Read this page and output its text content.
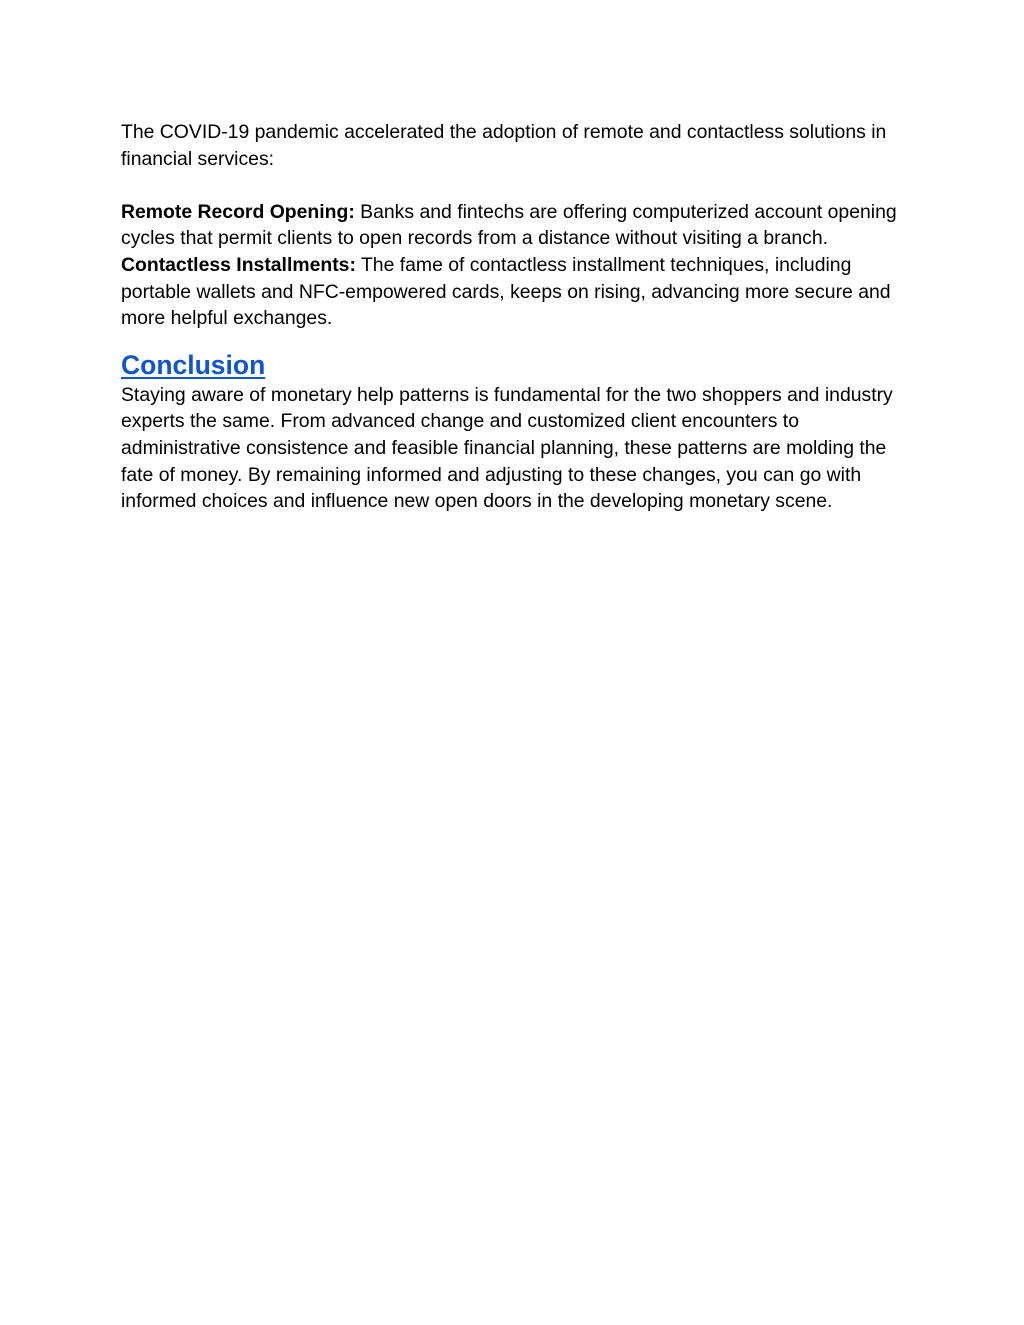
The COVID-19 pandemic accelerated the adoption of remote and contactless solutions in financial services:

Remote Record Opening: Banks and fintechs are offering computerized account opening cycles that permit clients to open records from a distance without visiting a branch.

Contactless Installments: The fame of contactless installment techniques, including portable wallets and NFC-empowered cards, keeps on rising, advancing more secure and more helpful exchanges.

Conclusion

Staying aware of monetary help patterns is fundamental for the two shoppers and industry experts the same. From advanced change and customized client encounters to administrative consistence and feasible financial planning, these patterns are molding the fate of money. By remaining informed and adjusting to these changes, you can go with informed choices and influence new open doors in the developing monetary scene.
